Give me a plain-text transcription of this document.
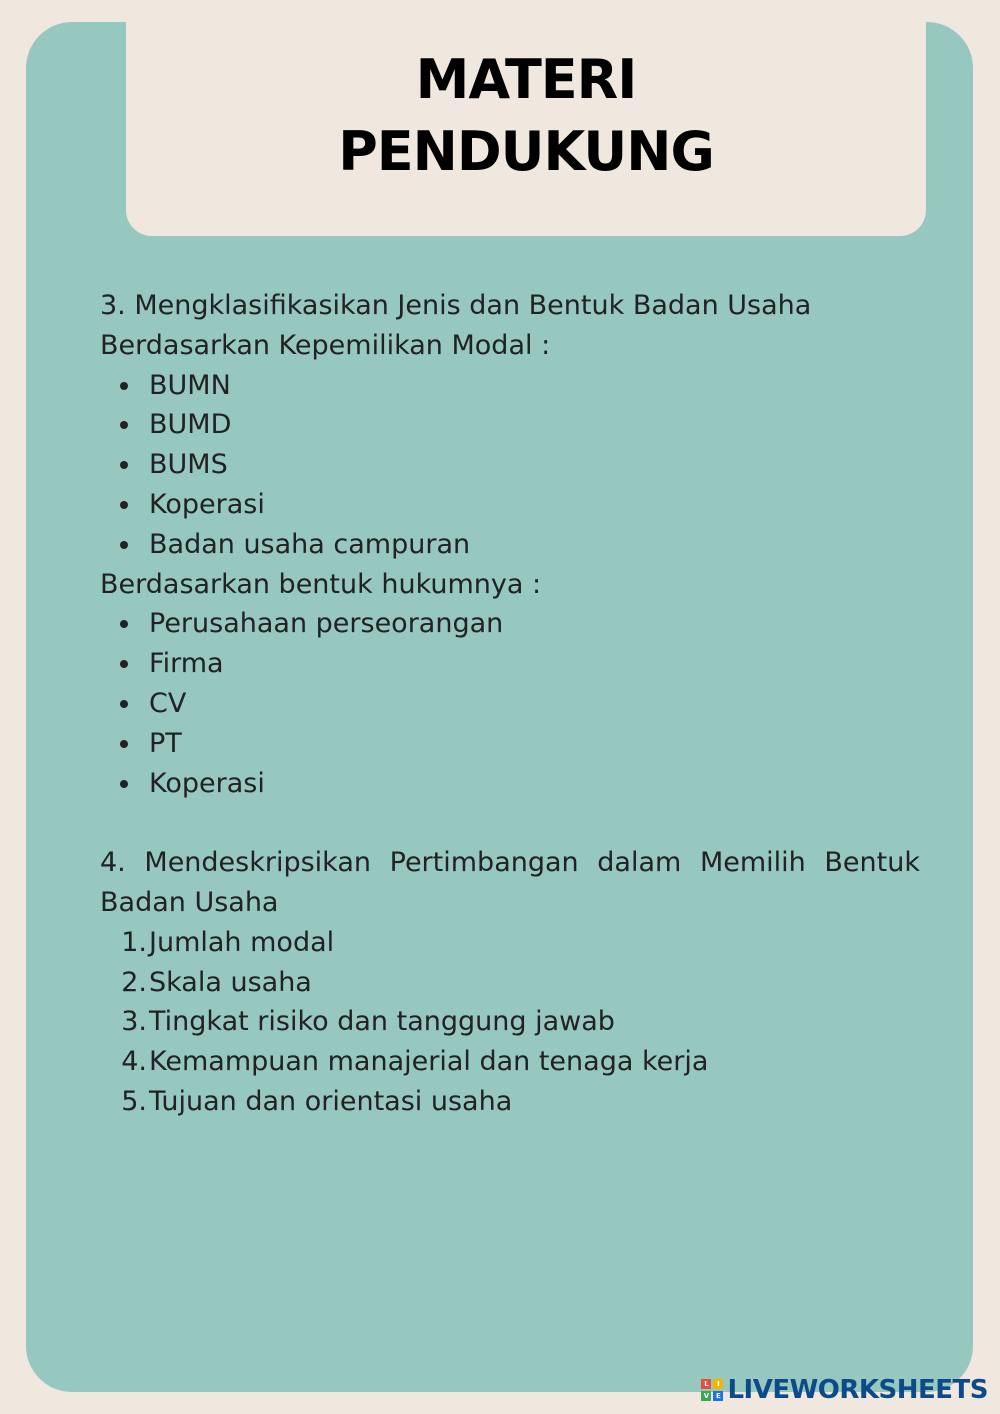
MATERI
PENDUKUNG

3. Mengklasifikasikan Jenis dan Bentuk Badan Usaha

Berdasarkan Kepemilikan Modal :

BUMN
BUMD
BUMS
Koperasi
Badan usaha campuran

Berdasarkan bentuk hukumnya :

Perusahaan perseorangan
Firma
CV
PT
Koperasi

4. Mendeskripsikan Pertimbangan dalam Memilih Bentuk Badan Usaha

1. Jumlah modal
2. Skala usaha
3. Tingkat risiko dan tanggung jawab
4. Kemampuan manajerial dan tenaga kerja
5. Tujuan dan orientasi usaha
L	I
V E LIVEWORKSHEETS
